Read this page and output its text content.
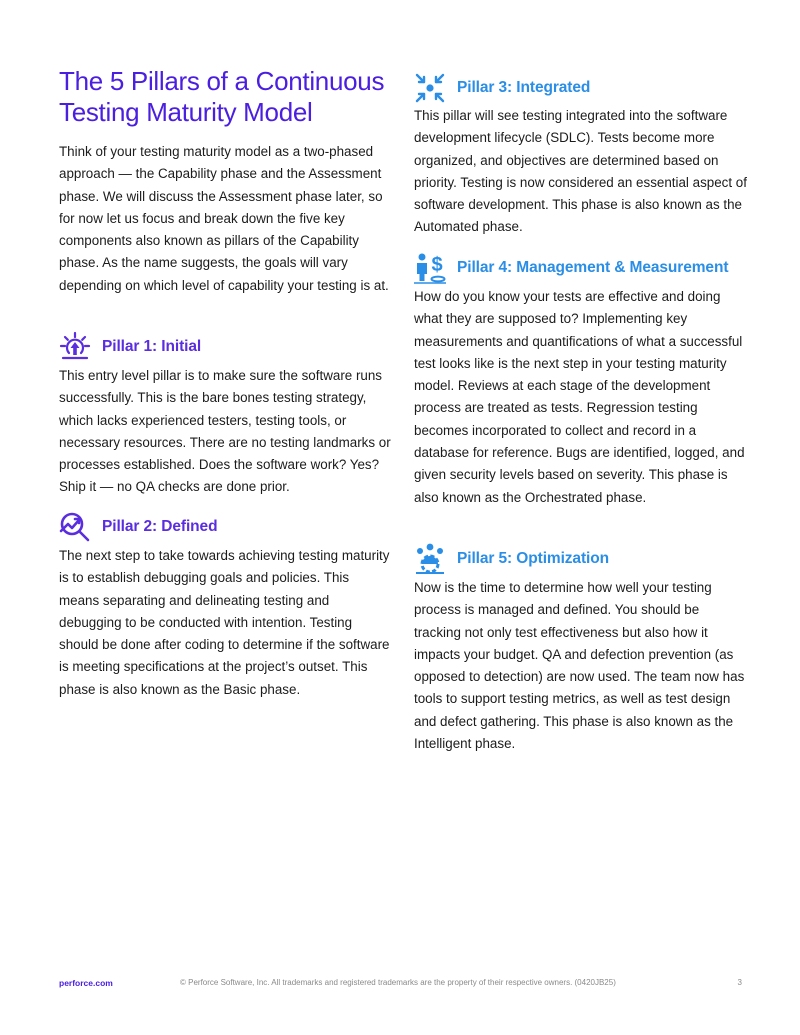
The 5 Pillars of a Continuous Testing Maturity Model

Think of your testing maturity model as a two-phased approach — the Capability phase and the Assessment phase. We will discuss the Assessment phase later, so for now let us focus and break down the five key components also known as pillars of the Capability phase. As the name suggests, the goals will vary depending on which level of capability your testing is at.

Pillar 1: Initial

This entry level pillar is to make sure the software runs successfully. This is the bare bones testing strategy, which lacks experienced testers, testing tools, or necessary resources. There are no testing landmarks or processes established. Does the software work? Yes? Ship it — no QA checks are done prior.

Pillar 2: Defined

The next step to take towards achieving testing maturity is to establish debugging goals and policies. This means separating and delineating testing and debugging to be conducted with intention. Testing should be done after coding to determine if the software is meeting specifications at the project’s outset. This phase is also known as the Basic phase.

Pillar 3: Integrated

This pillar will see testing integrated into the software development lifecycle (SDLC). Tests become more organized, and objectives are determined based on priority. Testing is now considered an essential aspect of software development. This phase is also known as the Automated phase.

$ Pillar 4: Management & Measurement

How do you know your tests are effective and doing what they are supposed to? Implementing key measurements and quantifications of what a successful test looks like is the next step in your testing maturity model. Reviews at each stage of the development process are treated as tests. Regression testing becomes incorporated to collect and record in a database for reference. Bugs are identified, logged, and given security levels based on severity. This phase is also known as the Orchestrated phase.

Pillar 5: Optimization

Now is the time to determine how well your testing process is managed and defined. You should be tracking not only test effectiveness but also how it impacts your budget. QA and defection prevention (as opposed to detection) are now used. The team now has tools to support testing metrics, as well as test design and defect gathering. This phase is also known as the Intelligent phase.

perforce.com	© Perforce Software, Inc. All trademarks and registered trademarks are the property of their respective owners. (0420JB25)	3
